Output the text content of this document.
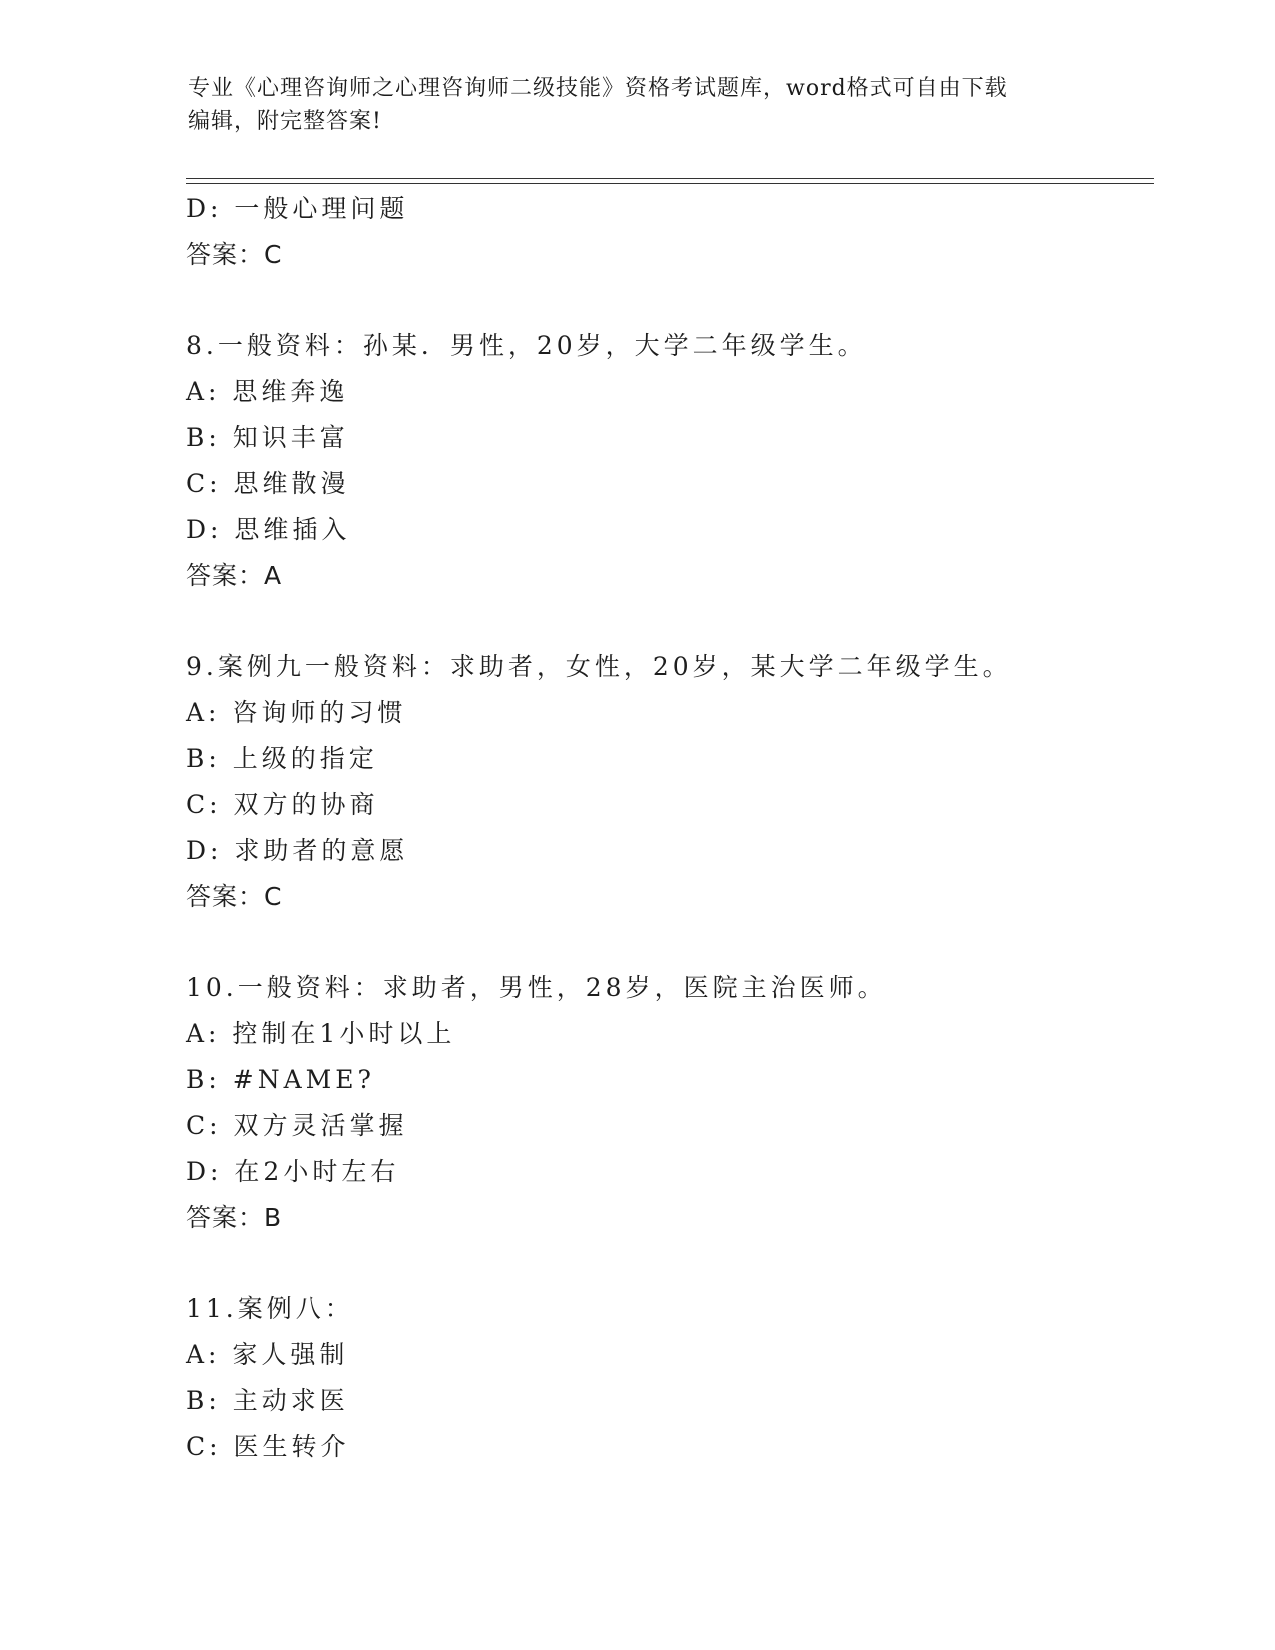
专业《心理咨询师之心理咨询师二级技能》资格考试题库，word格式可自由下载
编辑，附完整答案!
D: 一般心理问题
答案：C
8.一般资料：孙某．男性，20岁，大学二年级学生。
A: 思维奔逸
B: 知识丰富
C: 思维散漫
D: 思维插入
答案：A
9.案例九一般资料：求助者，女性，20岁，某大学二年级学生。
A: 咨询师的习惯
B: 上级的指定
C: 双方的协商
D: 求助者的意愿
答案：C
10.一般资料：求助者，男性，28岁，医院主治医师。
A: 控制在1小时以上
B: #NAME?
C: 双方灵活掌握
D: 在2小时左右
答案：B
11.案例八：
A: 家人强制
B: 主动求医
C: 医生转介
